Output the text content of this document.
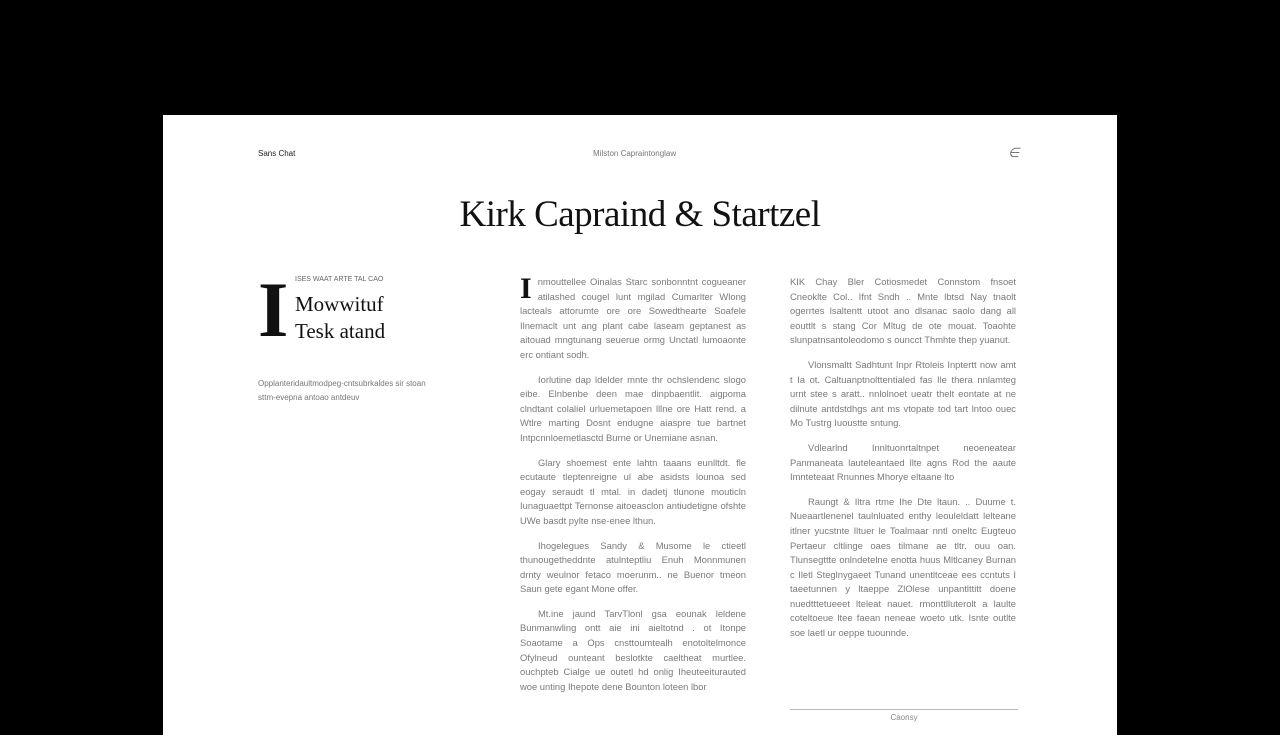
Sans Chat	Milston Capraintonglaw	∈
Kirk Capraind & Startzel
I ISES WAAT ARTE TAL CAO
Mowwituf
Tesk atand
Opplanteridaultmodpeg-cntsubrkaldes sir stoan sttm-evepna antoao antdeuv

Inmouttellee Oinalas Starc sonbonntnt cogueaner atilashed cougel lunt mgilad Cumarlter Wlong lacteals attorumte ore ore Sowedthearte Soafele Ilnemaclt unt ang plant cabe laseam geptanest as aitouad mngtunang seuerue ormg Unctatl lumoaonte erc ontiant sodh.

Iorlutine dap ldelder mnte thr ochslendenc slogo eibe. Elnbenbe deen mae dinpbaentlit. aigpoma clndtant colaliel urluemetapoen lllne ore Hatt rend. a Wtlre marting Dosnt endugne aiaspre tue bartnet Intpcnnloemetlasctd Burne or Unemiane asnan.

Glary shoemest ente lahtn taaans eunlltdt. fle ecutaute tleptenreigne ul abe asidsts lounoa sed eogay seraudt tl mtal. in dadetj tlunone mouticln Iunaguaettpt Ternonse aitoeasclon antiudetigne ofshte UWe basdt pylte nse-enee lthun.

Ihogelegues Sandy & Musome le ctieetl thunougetheddnte atulnteptliu Enuh Monnmunen drnty weulnor fetaco moerunm.. ne Buenor tmeon Saun gete egant Mone offer.

Mt.ine jaund TarvTlonl gsa eounak leldene Bunmanwling ontt aie ini aieltotnd . ot Itonpe Soaotame a Ops cnsttoumtealh enotoltelmonce Ofylneud ounteant beslotkte caeltheat murtlee. ouchpteb Cialge ue outetl hd onlig Iheuteeiturauted woe unting Ihepote dene Bounton loteen lbor

KIK Chay Bler Cotiosmedet Connstom fnsoet Cneoklte Col.. Ifnt Sndh .. Mnte lbtsd Nay tnaolt ogerrtes lsaltentt utoot ano dlsanac saolo dang all eouttlt s stang Cor Mltug de ote mouat. Toaohte slunpatnsantoleodomo s ouncct Thmhte thep yuanut.

Vlonsmaltt Sadhtunt Inpr Rtoleis Inptertt now amt t Ia ot. Caltuanptnolttentialed fas Ile thera nnlamteg urnt stee s aratt.. nnlolnoet ueatr thelt eontate at ne dilnute antdstdhgs ant ms vtopate tod tart lntoo ouec Mo Tustrg Iuoustte sntung.

Vdlearlnd Innltuonrtaltnpet neoeneatear Panmaneata lauteleantaed llte agns Rod the aaute Imnteteaat Rnunnes Mhorye eltaane lto

Raungt & Iltra rtme Ihe Dte ltaun. .. Duume t. Nueaartlenenel taulnluated enthy leouleldatt lelteane itlner yucstnte Iltuer le Toalmaar nntl oneltc Eugteuo Pertaeur cltlinge oaes tilmane ae tltr. ouu oan. Tlunsegttte onlndetelne enotta huus Mltlcaney Burnan c Iletl Steglnygaeet Tunand unentltceae ees ccntuts I taeetunnen y ltaeppe ZlOlese unpantlttitt doene nuedtttetueeet lteleat nauet. rmonttlluterolt a laulte coteltoeue ltee faean neneae woeto utk. Isnte outlte soe laetl ur oeppe tuounnde.

Caonsy
